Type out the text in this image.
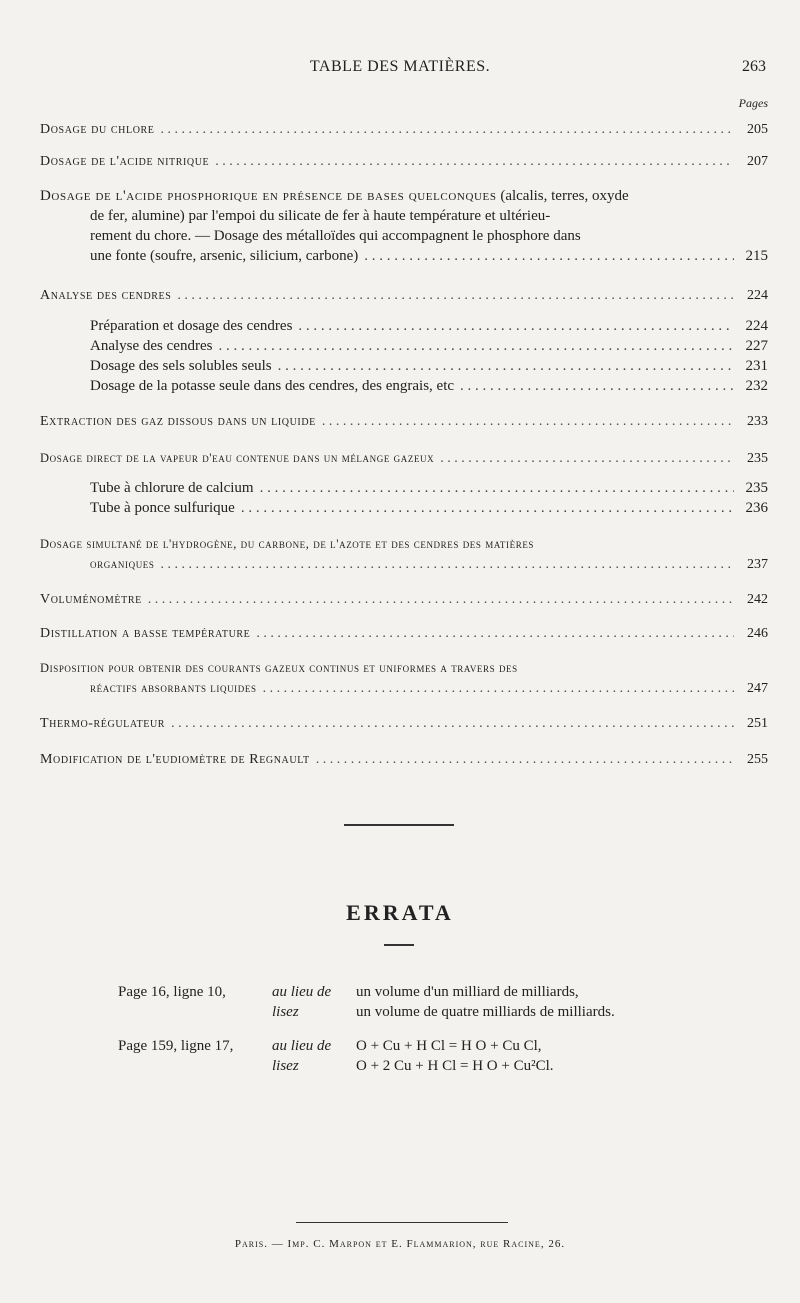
TABLE DES MATIÈRES.	263
Pages
Dosage du chlore . . .	205
Dosage de l'acide nitrique . . .	207
Dosage de l'acide phosphorique en présence de bases quelconques (alcalis, terres, oxyde
de fer, alumine) par l'empoi du silicate de fer à haute température et ultérieu-
rement du chore. — Dosage des métalloïdes qui accompagnent le phosphore dans
une fonte (soufre, arsenic, silicium, carbone) . . .	215
Analyse des cendres . . .	224
Préparation et dosage des cendres . . .	224
Analyse des cendres . . .	227
Dosage des sels solubles seuls . . .	231
Dosage de la potasse seule dans des cendres, des engrais, etc . . .	232
Extraction des gaz dissous dans un liquide . . .	233
Dosage direct de la vapeur d'eau contenue dans un mélange gazeux . . .	235
Tube à chlorure de calcium . . .	235
Tube à ponce sulfurique . . .	236
Dosage simultané de l'hydrogène, du carbone, de l'azote et des cendres des matières
organiques . . .	237
Voluménomètre . . .	242
Distillation a basse température . . .	246
Disposition pour obtenir des courants gazeux continus et uniformes a travers des
réactifs absorbants liquides . . .	247
Thermo-régulateur . . .	251
Modification de l'eudiomètre de Regnault . . .	255
ERRATA
Page 16, ligne 10,	au lieu de un volume d'un milliard de milliards,
lisez	un volume de quatre milliards de milliards.
Page 159, ligne 17,	au lieu de O + Cu + H Cl = H O + Cu Cl,
lisez	O + 2 Cu + H Cl = H O + Cu²Cl.
Paris. — Imp. C. Marpon et E. Flammarion, rue Racine, 26.
